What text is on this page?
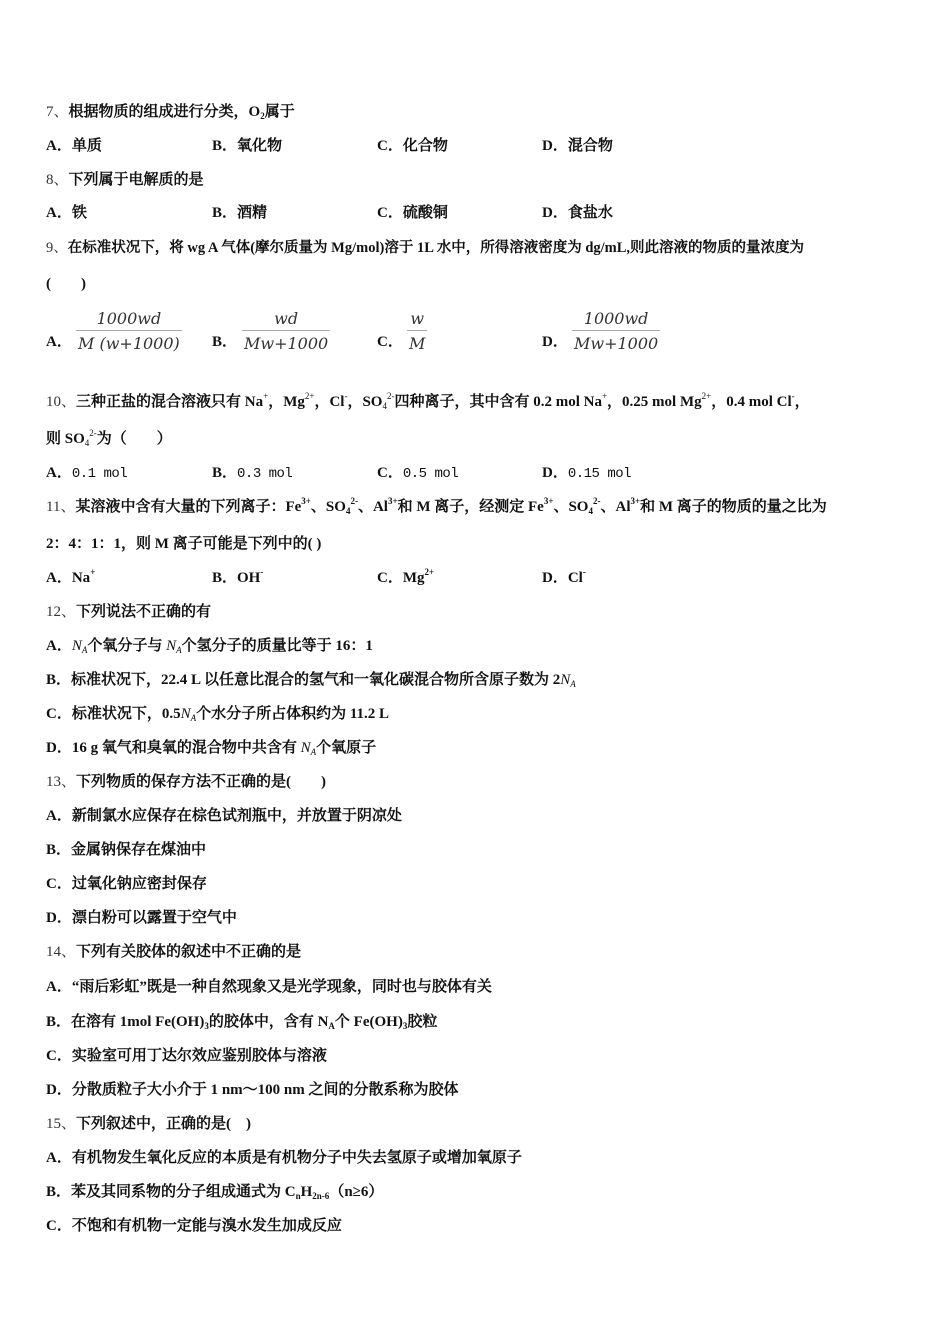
7、根据物质的组成进行分类，$O_2$属于
A．单质	B．氧化物	C．化合物	D．混合物
8、下列属于电解质的是
A．铁	B．酒精	C．硫酸铜	D．食盐水
9、在标准状况下，将 wg A 气体(摩尔质量为 Mg/mol)溶于 1L 水中，所得溶液密度为 dg/mL,则此溶液的物质的量浓度为
(　　)
A．
1000wd
M (w+1000) B．
wd
Mw+1000	C．
w
M	D．
1000wd
Mw+1000
10、三种正盐的混合溶液只有 Na+，$Mg^{2+}$，Cl-，$SO_4^{2-}$四种离子，其中含有 0.2 mol Na+，0.25 mol $Mg^{2+}$，0.4 mol Cl-，
则 $SO_4^{2-}$为（　　）
A．0.1 mol	B．0.3 mol	C．0.5 mol	D．0.15 mol
11、某溶液中含有大量的下列离子：$Fe^{3+}$、$SO_4^{2-}$、$Al^{3+}$和 M 离子，经测定 $Fe^{3+}$、$SO_4^{2-}$、$Al^{3+}$和 M 离子的物质的量之比为
2：4：1：1，则 M 离子可能是下列中的( )
A．Na+	B．OH-	C．$Mg^{2+}$	D．Cl-
12、下列说法不正确的有
A．$N_A$个氧分子与 $N_A$个氢分子的质量比等于 16：1
B．标准状况下，22.4 L 以任意比混合的氢气和一氧化碳混合物所含原子数为 $2N_A$
C．标准状况下，$0.5N_A$个水分子所占体积约为 11.2 L
D．16 g 氧气和臭氧的混合物中共含有 $N_A$个氧原子
13、下列物质的保存方法不正确的是(　　)
A．新制氯水应保存在棕色试剂瓶中，并放置于阴凉处
B．金属钠保存在煤油中
C．过氧化钠应密封保存
D．漂白粉可以露置于空气中
14、下列有关胶体的叙述中不正确的是
A．“雨后彩虹”既是一种自然现象又是光学现象，同时也与胶体有关
B．在溶有 1mol $Fe(OH)_3$的胶体中，含有 $N_A$个 $Fe(OH)_3$胶粒
C．实验室可用丁达尔效应鉴别胶体与溶液
D．分散质粒子大小介于 1 nm～100 nm 之间的分散系称为胶体
15、下列叙述中，正确的是(　)
A．有机物发生氧化反应的本质是有机物分子中失去氢原子或增加氧原子
B．苯及其同系物的分子组成通式为 $C_nH_{2n-6}(n\ge 6)$
C．不饱和有机物一定能与溴水发生加成反应
